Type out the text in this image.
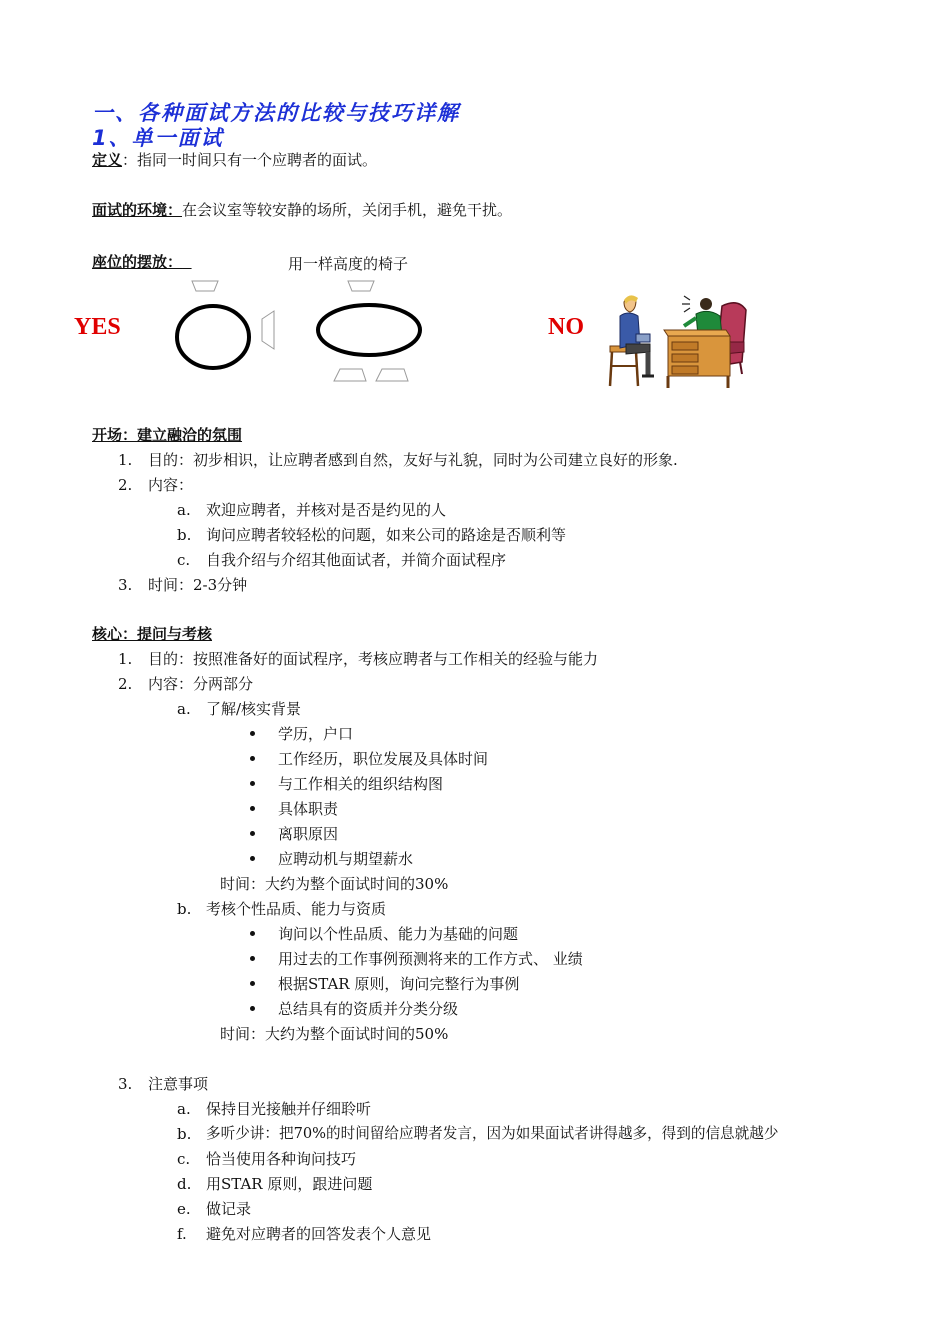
一、各种面试方法的比较与技巧详解
1、单一面试
定义：指同一时间只有一个应聘者的面试。
面试的环境：在会议室等较安静的场所，关闭手机，避免干扰。
座位的摆放：	用一样高度的椅子
YES	NO
开场：建立融洽的氛围
1. 目的：初步相识，让应聘者感到自然，友好与礼貌，同时为公司建立良好的形象.
2. 内容：
a. 欢迎应聘者，并核对是否是约见的人
b. 询问应聘者较轻松的问题，如来公司的路途是否顺利等
c. 自我介绍与介绍其他面试者，并简介面试程序
3. 时间：2-3分钟
核心：提问与考核
1. 目的：按照准备好的面试程序，考核应聘者与工作相关的经验与能力
2. 内容：分两部分
a. 了解/核实背景
学历，户口
工作经历，职位发展及具体时间
与工作相关的组织结构图
具体职责
离职原因
应聘动机与期望薪水
时间：大约为整个面试时间的30%
b. 考核个性品质、能力与资质
询问以个性品质、能力为基础的问题
用过去的工作事例预测将来的工作方式、 业绩
根据STAR 原则，询问完整行为事例
总结具有的资质并分类分级
时间：大约为整个面试时间的50%
3. 注意事项
a. 保持目光接触并仔细聆听
b. 多听少讲：把70%的时间留给应聘者发言，因为如果面试者讲得越多，得到的信息就越少
c. 恰当使用各种询问技巧
d. 用STAR 原则，跟进问题
e. 做记录
f. 避免对应聘者的回答发表个人意见
